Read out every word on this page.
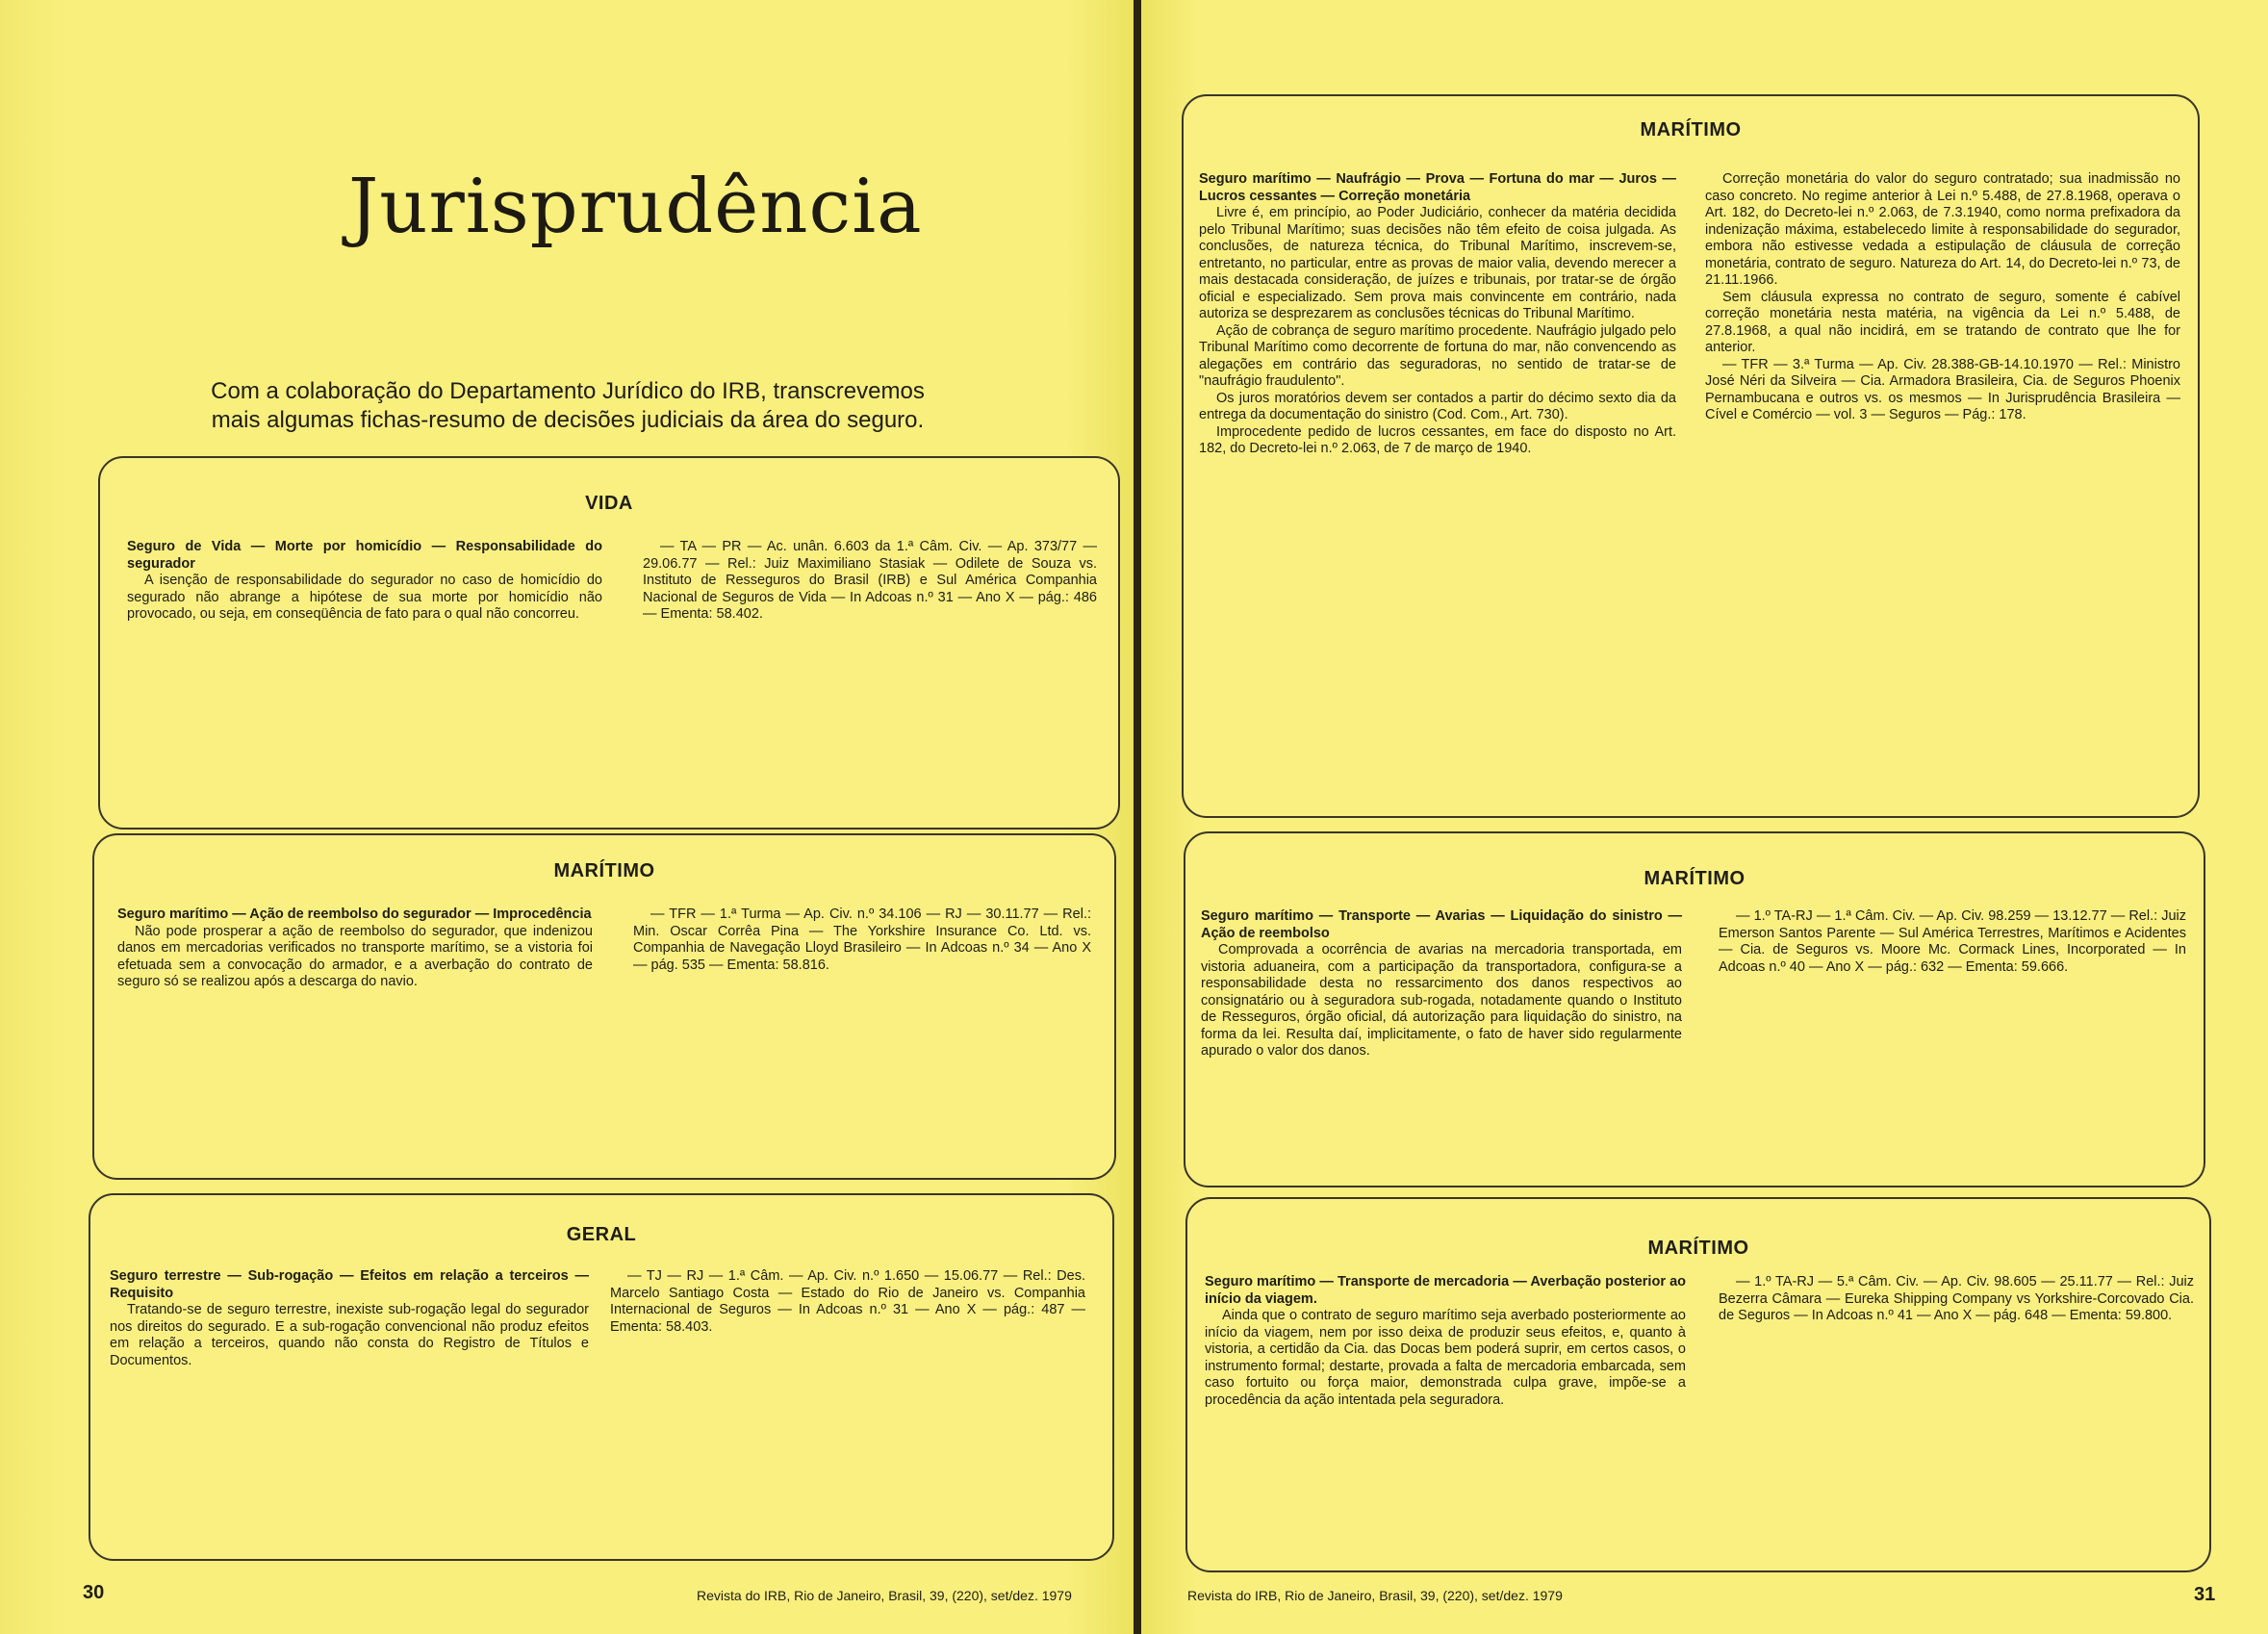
Jurisprudência

Com a colaboração do Departamento Jurídico do IRB, transcrevemos mais algumas fichas-resumo de decisões judiciais da área do seguro.

VIDA

Seguro de Vida — Morte por homicídio — Responsabilidade do segurador

A isenção de responsabilidade do segurador no caso de homicídio do segurado não abrange a hipótese de sua morte por homicídio não provocado, ou seja, em conseqüência de fato para o qual não concorreu.

— TA — PR — Ac. unân. 6.603 da 1.ª Câm. Civ. — Ap. 373/77 — 29.06.77 — Rel.: Juiz Maximiliano Stasiak — Odilete de Souza vs. Instituto de Resseguros do Brasil (IRB) e Sul América Companhia Nacional de Seguros de Vida — In Adcoas n.º 31 — Ano X — pág.: 486 — Ementa: 58.402.

MARÍTIMO

Seguro marítimo — Ação de reembolso do segurador — Improcedência

Não pode prosperar a ação de reembolso do segurador, que indenizou danos em mercadorias verificados no transporte marítimo, se a vistoria foi efetuada sem a convocação do armador, e a averbação do contrato de seguro só se realizou após a descarga do navio.

— TFR — 1.ª Turma — Ap. Civ. n.º 34.106 — RJ — 30.11.77 — Rel.: Min. Oscar Corrêa Pina — The Yorkshire Insurance Co. Ltd. vs. Companhia de Navegação Lloyd Brasileiro — In Adcoas n.º 34 — Ano X — pág. 535 — Ementa: 58.816.

GERAL

Seguro terrestre — Sub-rogação — Efeitos em relação a terceiros — Requisito

Tratando-se de seguro terrestre, inexiste sub-rogação legal do segurador nos direitos do segurado. E a sub-rogação convencional não produz efeitos em relação a terceiros, quando não consta do Registro de Títulos e Documentos.

— TJ — RJ — 1.ª Câm. — Ap. Civ. n.º 1.650 — 15.06.77 — Rel.: Des. Marcelo Santiago Costa — Estado do Rio de Janeiro vs. Companhia Internacional de Seguros — In Adcoas n.º 31 — Ano X — pág.: 487 — Ementa: 58.403.

30	Revista do IRB, Rio de Janeiro, Brasil, 39, (220), set/dez. 1979
MARÍTIMO

Seguro marítimo — Naufrágio — Prova — Fortuna do mar — Juros — Lucros cessantes — Correção monetária

Livre é, em princípio, ao Poder Judiciário, conhecer da matéria decidida pelo Tribunal Marítimo; suas decisões não têm efeito de coisa julgada. As conclusões, de natureza técnica, do Tribunal Marítimo, inscrevem-se, entretanto, no particular, entre as provas de maior valia, devendo merecer a mais destacada consideração, de juízes e tribunais, por tratar-se de órgão oficial e especializado. Sem prova mais convincente em contrário, nada autoriza se desprezarem as conclusões técnicas do Tribunal Marítimo.

Ação de cobrança de seguro marítimo procedente. Naufrágio julgado pelo Tribunal Marítimo como decorrente de fortuna do mar, não convencendo as alegações em contrário das seguradoras, no sentido de tratar-se de "naufrágio fraudulento".

Os juros moratórios devem ser contados a partir do décimo sexto dia da entrega da documentação do sinistro (Cod. Com., Art. 730).

Improcedente pedido de lucros cessantes, em face do disposto no Art. 182, do Decreto-lei n.º 2.063, de 7 de março de 1940.

Correção monetária do valor do seguro contratado; sua inadmissão no caso concreto. No regime anterior à Lei n.º 5.488, de 27.8.1968, operava o Art. 182, do Decreto-lei n.º 2.063, de 7.3.1940, como norma prefixadora da indenização máxima, estabelecedo limite à responsabilidade do segurador, embora não estivesse vedada a estipulação de cláusula de correção monetária, contrato de seguro. Natureza do Art. 14, do Decreto-lei n.º 73, de 21.11.1966.

Sem cláusula expressa no contrato de seguro, somente é cabível correção monetária nesta matéria, na vigência da Lei n.º 5.488, de 27.8.1968, a qual não incidirá, em se tratando de contrato que lhe for anterior.

— TFR — 3.ª Turma — Ap. Civ. 28.388-GB-14.10.1970 — Rel.: Ministro José Néri da Silveira — Cia. Armadora Brasileira, Cia. de Seguros Phoenix Pernambucana e outros vs. os mesmos — In Jurisprudência Brasileira — Cível e Comércio — vol. 3 — Seguros — Pág.: 178.

MARÍTIMO

Seguro marítimo — Transporte — Avarias — Liquidação do sinistro — Ação de reembolso

Comprovada a ocorrência de avarias na mercadoria transportada, em vistoria aduaneira, com a participação da transportadora, configura-se a responsabilidade desta no ressarcimento dos danos respectivos ao consignatário ou à seguradora sub-rogada, notadamente quando o Instituto de Resseguros, órgão oficial, dá autorização para liquidação do sinistro, na forma da lei. Resulta daí, implicitamente, o fato de haver sido regularmente apurado o valor dos danos.

— 1.º TA-RJ — 1.ª Câm. Civ. — Ap. Civ. 98.259 — 13.12.77 — Rel.: Juiz Emerson Santos Parente — Sul América Terrestres, Marítimos e Acidentes — Cia. de Seguros vs. Moore Mc. Cormack Lines, Incorporated — In Adcoas n.º 40 — Ano X — pág.: 632 — Ementa: 59.666.

MARÍTIMO

Seguro marítimo — Transporte de mercadoria — Averbação posterior ao início da viagem.

Ainda que o contrato de seguro marítimo seja averbado posteriormente ao início da viagem, nem por isso deixa de produzir seus efeitos, e, quanto à vistoria, a certidão da Cia. das Docas bem poderá suprir, em certos casos, o instrumento formal; destarte, provada a falta de mercadoria embarcada, sem caso fortuito ou força maior, demonstrada culpa grave, impõe-se a procedência da ação intentada pela seguradora.

— 1.º TA-RJ — 5.ª Câm. Civ. — Ap. Civ. 98.605 — 25.11.77 — Rel.: Juiz Bezerra Câmara — Eureka Shipping Company vs Yorkshire-Corcovado Cia. de Seguros — In Adcoas n.º 41 — Ano X — pág. 648 — Ementa: 59.800.

Revista do IRB, Rio de Janeiro, Brasil, 39, (220), set/dez. 1979	31
